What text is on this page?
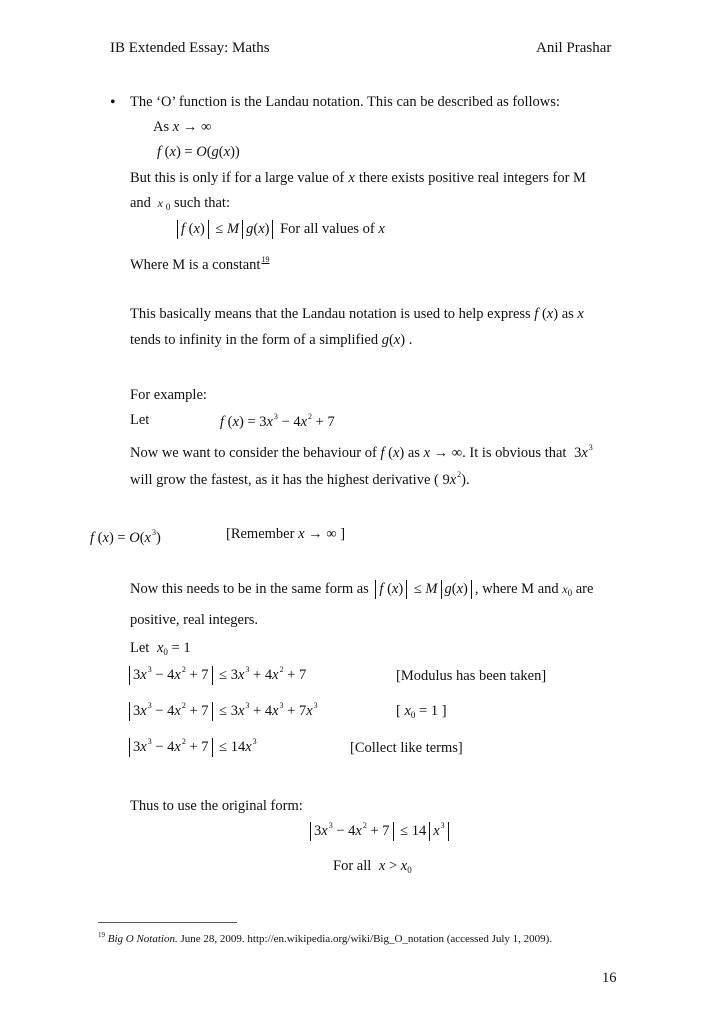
IB Extended Essay: Maths	Anil Prashar
• The ‘O’ function is the Landau notation. This can be described as follows:
As x → ∞
f (x) = O(g(x))
But this is only if for a large value of x there exists positive real integers for M
and x $_0$ such that:
f (x) ≤ M g(x) For all values of x
Where M is a constant$^{19}$
This basically means that the Landau notation is used to help express f (x) as x
tends to infinity in the form of a simplified g(x) .
For example:
Let	f $(x) = 3x^3 - 4x^2 + 7$
Now we want to consider the behaviour of f (x) as x → ∞. It is obvious that $3x^3$
will grow the fastest, as it has the highest derivative ( $9x^2$).
f $(x) = O(x^3)$	[Remember x → ∞ ]
Now this needs to be in the same form as f (x) ≤ M g(x) , where M and $x_0$ are
positive, real integers.
Let $x_0 = 1$
$3x^3 - 4x^2 + 7 \le 3x^3 + 4x^2 + 7$	[Modulus has been taken]
$3x^3 - 4x^2 + 7 \le 3x^3 + 4x^3 + 7x^3$	[ $x_0 = 1$ ]
$3x^3 - 4x^2 + 7 \le 14x^3$	[Collect like terms]
Thus to use the original form:
$3x^3 - 4x^2 + 7 \le 14$ $x^3$
For all $x > x_0$
$^{19}$ Big O Notation. June 28, 2009. http://en.wikipedia.org/wiki/Big_O_notation (accessed July 1, 2009).
16
